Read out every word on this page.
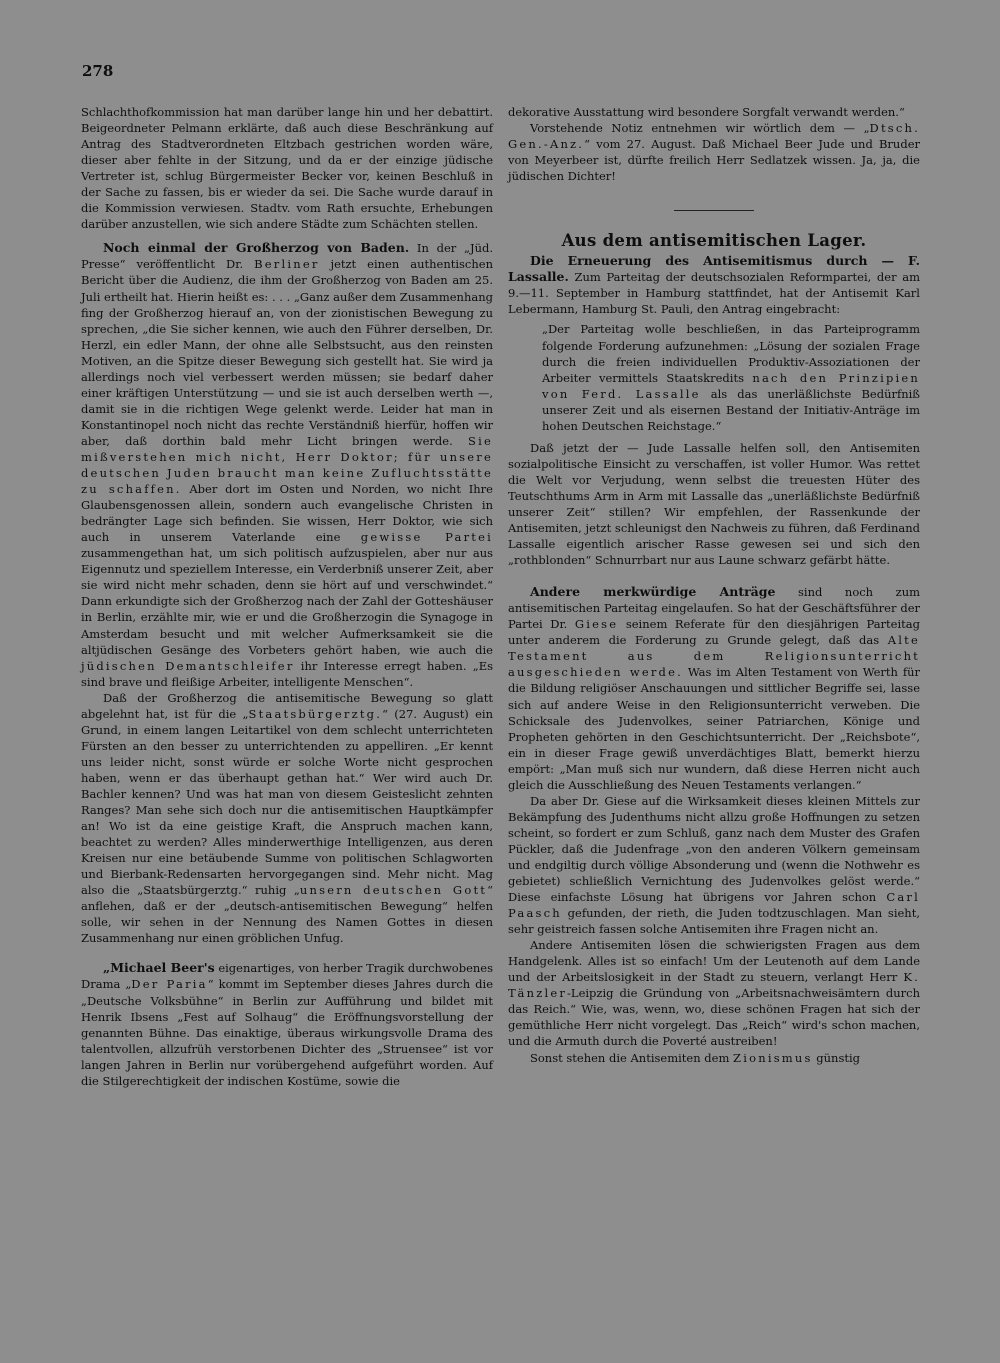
278

Schlachthofkommission hat man darüber lange hin und her debattirt. Beigeordneter Pelmann erklärte, daß auch diese Beschränkung auf Antrag des Stadtverordneten Eltzbach gestrichen worden wäre, dieser aber fehlte in der Sitzung, und da er der einzige jüdische Vertreter ist, schlug Bürgermeister Becker vor, keinen Beschluß in der Sache zu fassen, bis er wieder da sei. Die Sache wurde darauf in die Kommission verwiesen. Stadtv. vom Rath ersuchte, Erhebungen darüber anzustellen, wie sich andere Städte zum Schächten stellen.

Noch einmal der Großherzog von Baden. In der „Jüd. Presse“ veröffentlicht Dr. Berliner jetzt einen authentischen Bericht über die Audienz, die ihm der Großherzog von Baden am 25. Juli ertheilt hat. Hierin heißt es: . . . „Ganz außer dem Zusammenhang fing der Großherzog hierauf an, von der zionistischen Bewegung zu sprechen, „die Sie sicher kennen, wie auch den Führer derselben, Dr. Herzl, ein edler Mann, der ohne alle Selbstsucht, aus den reinsten Motiven, an die Spitze dieser Bewegung sich gestellt hat. Sie wird ja allerdings noch viel verbessert werden müssen; sie bedarf daher einer kräftigen Unterstützung — und sie ist auch derselben werth —, damit sie in die richtigen Wege gelenkt werde. Leider hat man in Konstantinopel noch nicht das rechte Verständniß hierfür, hoffen wir aber, daß dorthin bald mehr Licht bringen werde. Sie mißverstehen mich nicht, Herr Doktor; für unsere deutschen Juden braucht man keine Zufluchtsstätte zu schaffen. Aber dort im Osten und Norden, wo nicht Ihre Glaubensgenossen allein, sondern auch evangelische Christen in bedrängter Lage sich befinden. Sie wissen, Herr Doktor, wie sich auch in unserem Vaterlande eine gewisse Partei zusammengethan hat, um sich politisch aufzuspielen, aber nur aus Eigennutz und speziellem Interesse, ein Verderbniß unserer Zeit, aber sie wird nicht mehr schaden, denn sie hört auf und verschwindet.“ Dann erkundigte sich der Großherzog nach der Zahl der Gotteshäuser in Berlin, erzählte mir, wie er und die Großherzogin die Synagoge in Amsterdam besucht und mit welcher Aufmerksamkeit sie die altjüdischen Gesänge des Vorbeters gehört haben, wie auch die jüdischen Demantschleifer ihr Interesse erregt haben. „Es sind brave und fleißige Arbeiter, intelligente Menschen“.

Daß der Großherzog die antisemitische Bewegung so glatt abgelehnt hat, ist für die „Staatsbürgerztg.“ (27. August) ein Grund, in einem langen Leitartikel von dem schlecht unterrichteten Fürsten an den besser zu unterrichtenden zu appelliren. „Er kennt uns leider nicht, sonst würde er solche Worte nicht gesprochen haben, wenn er das überhaupt gethan hat.“ Wer wird auch Dr. Bachler kennen? Und was hat man von diesem Geisteslicht zehnten Ranges? Man sehe sich doch nur die antisemitischen Hauptkämpfer an! Wo ist da eine geistige Kraft, die Anspruch machen kann, beachtet zu werden? Alles minderwerthige Intelligenzen, aus deren Kreisen nur eine betäubende Summe von politischen Schlagworten und Bierbank-Redensarten hervorgegangen sind. Mehr nicht. Mag also die „Staatsbürgerztg.“ ruhig „unsern deutschen Gott“ anflehen, daß er der „deutsch-antisemitischen Bewegung“ helfen solle, wir sehen in der Nennung des Namen Gottes in diesen Zusammenhang nur einen gröblichen Unfug.

„Michael Beer's eigenartiges, von herber Tragik durchwobenes Drama „Der Paria“ kommt im September dieses Jahres durch die „Deutsche Volksbühne“ in Berlin zur Aufführung und bildet mit Henrik Ibsens „Fest auf Solhaug“ die Eröffnungsvorstellung der genannten Bühne. Das einaktige, überaus wirkungsvolle Drama des talentvollen, allzufrüh verstorbenen Dichter des „Struensee“ ist vor langen Jahren in Berlin nur vorübergehend aufgeführt worden. Auf die Stilgerechtigkeit der indischen Kostüme, sowie die

dekorative Ausstattung wird besondere Sorgfalt verwandt werden.“

Vorstehende Notiz entnehmen wir wörtlich dem — „Dtsch. Gen.-Anz.“ vom 27. August. Daß Michael Beer Jude und Bruder von Meyerbeer ist, dürfte freilich Herr Sedlatzek wissen. Ja, ja, die jüdischen Dichter!

Aus dem antisemitischen Lager.

Die Erneuerung des Antisemitismus durch — F. Lassalle. Zum Parteitag der deutschsozialen Reformpartei, der am 9.—11. September in Hamburg stattfindet, hat der Antisemit Karl Lebermann, Hamburg St. Pauli, den Antrag eingebracht:

„Der Parteitag wolle beschließen, in das Parteiprogramm folgende Forderung aufzunehmen: „Lösung der sozialen Frage durch die freien individuellen Produktiv-Assoziationen der Arbeiter vermittels Staatskredits nach den Prinzipien von Ferd. Lassalle als das unerläßlichste Bedürfniß unserer Zeit und als eisernen Bestand der Initiativ-Anträge im hohen Deutschen Reichstage.“

Daß jetzt der — Jude Lassalle helfen soll, den Antisemiten sozialpolitische Einsicht zu verschaffen, ist voller Humor. Was rettet die Welt vor Verjudung, wenn selbst die treuesten Hüter des Teutschthums Arm in Arm mit Lassalle das „unerläßlichste Bedürfniß unserer Zeit“ stillen? Wir empfehlen, der Rassenkunde der Antisemiten, jetzt schleunigst den Nachweis zu führen, daß Ferdinand Lassalle eigentlich arischer Rasse gewesen sei und sich den „rothblonden“ Schnurrbart nur aus Laune schwarz gefärbt hätte.

Andere merkwürdige Anträge sind noch zum antisemitischen Parteitag eingelaufen. So hat der Geschäftsführer der Partei Dr. Giese seinem Referate für den diesjährigen Parteitag unter anderem die Forderung zu Grunde gelegt, daß das Alte Testament aus dem Religionsunterricht ausgeschieden werde. Was im Alten Testament von Werth für die Bildung religiöser Anschauungen und sittlicher Begriffe sei, lasse sich auf andere Weise in den Religionsunterricht verweben. Die Schicksale des Judenvolkes, seiner Patriarchen, Könige und Propheten gehörten in den Geschichtsunterricht. Der „Reichsbote“, ein in dieser Frage gewiß unverdächtiges Blatt, bemerkt hierzu empört: „Man muß sich nur wundern, daß diese Herren nicht auch gleich die Ausschließung des Neuen Testaments verlangen.“

Da aber Dr. Giese auf die Wirksamkeit dieses kleinen Mittels zur Bekämpfung des Judenthums nicht allzu große Hoffnungen zu setzen scheint, so fordert er zum Schluß, ganz nach dem Muster des Grafen Pückler, daß die Judenfrage „von den anderen Völkern gemeinsam und endgiltig durch völlige Absonderung und (wenn die Nothwehr es gebietet) schließlich Vernichtung des Judenvolkes gelöst werde.“ Diese einfachste Lösung hat übrigens vor Jahren schon Carl Paasch gefunden, der rieth, die Juden todtzuschlagen. Man sieht, sehr geistreich fassen solche Antisemiten ihre Fragen nicht an.

Andere Antisemiten lösen die schwierigsten Fragen aus dem Handgelenk. Alles ist so einfach! Um der Leutenoth auf dem Lande und der Arbeitslosigkeit in der Stadt zu steuern, verlangt Herr K. Tänzler-Leipzig die Gründung von „Arbeitsnachweisämtern durch das Reich.“ Wie, was, wenn, wo, diese schönen Fragen hat sich der gemüthliche Herr nicht vorgelegt. Das „Reich“ wird's schon machen, und die Armuth durch die Poverté austreiben!

Sonst stehen die Antisemiten dem Zionismus günstig
